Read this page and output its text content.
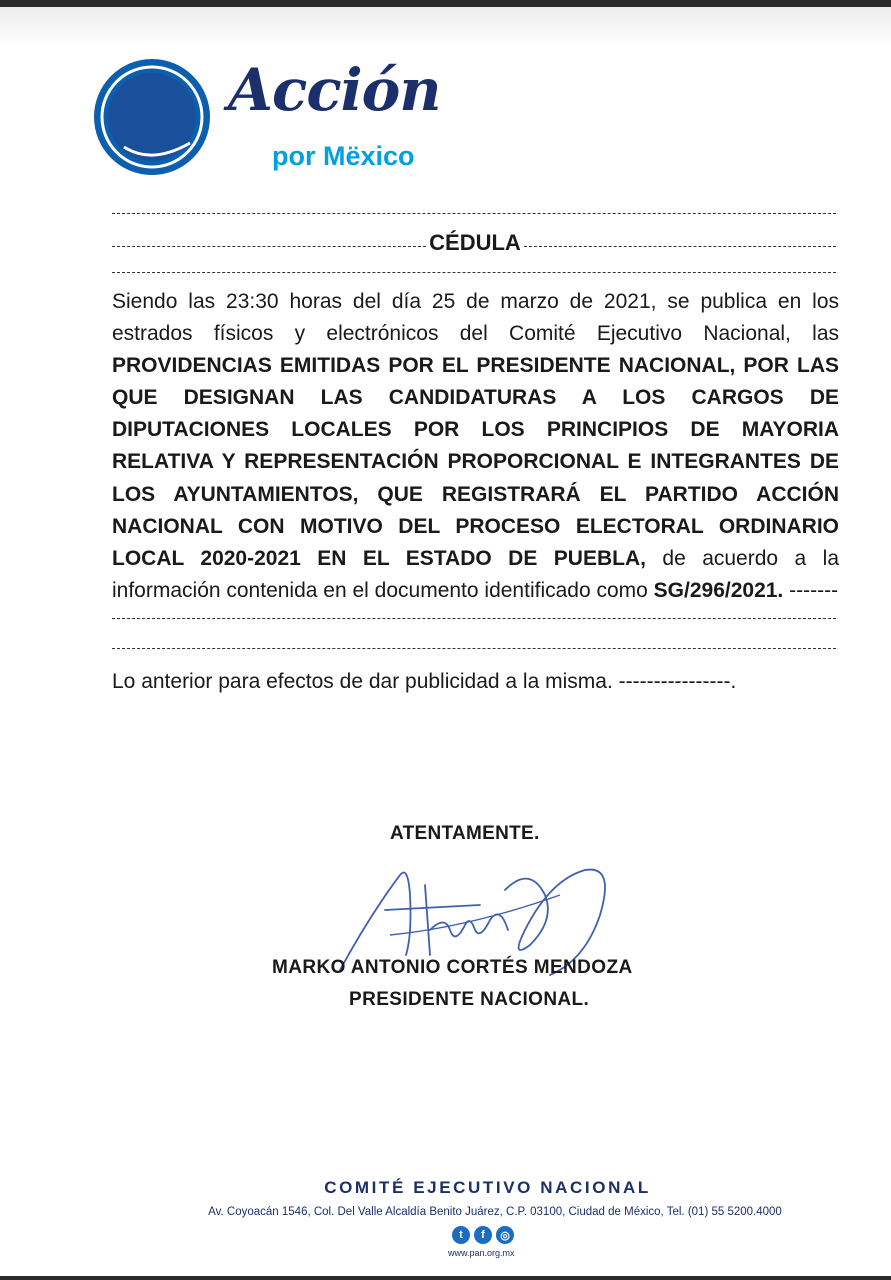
PAN Acción
por Mëxico
CÉDULA
Siendo las 23:30 horas del día 25 de marzo de 2021, se publica en los estrados físicos y electrónicos del Comité Ejecutivo Nacional, las PROVIDENCIAS EMITIDAS POR EL PRESIDENTE NACIONAL, POR LAS QUE DESIGNAN LAS CANDIDATURAS A LOS CARGOS DE DIPUTACIONES LOCALES POR LOS PRINCIPIOS DE MAYORIA RELATIVA Y REPRESENTACIÓN PROPORCIONAL E INTEGRANTES DE LOS AYUNTAMIENTOS, QUE REGISTRARÁ EL PARTIDO ACCIÓN NACIONAL CON MOTIVO DEL PROCESO ELECTORAL ORDINARIO LOCAL 2020-2021 EN EL ESTADO DE PUEBLA, de acuerdo a la información contenida en el documento identificado como SG/296/2021. -------
Lo anterior para efectos de dar publicidad a la misma. ----------------.
ATENTAMENTE.
MARKO ANTONIO CORTÉS MENDOZA
PRESIDENTE NACIONAL.
COMITÉ EJECUTIVO NACIONAL
Av. Coyoacán 1546, Col. Del Valle Alcaldía Benito Juárez, C.P. 03100, Ciudad de México, Tel. (01) 55 5200.4000
t	f	◎
www.pan.org.mx
